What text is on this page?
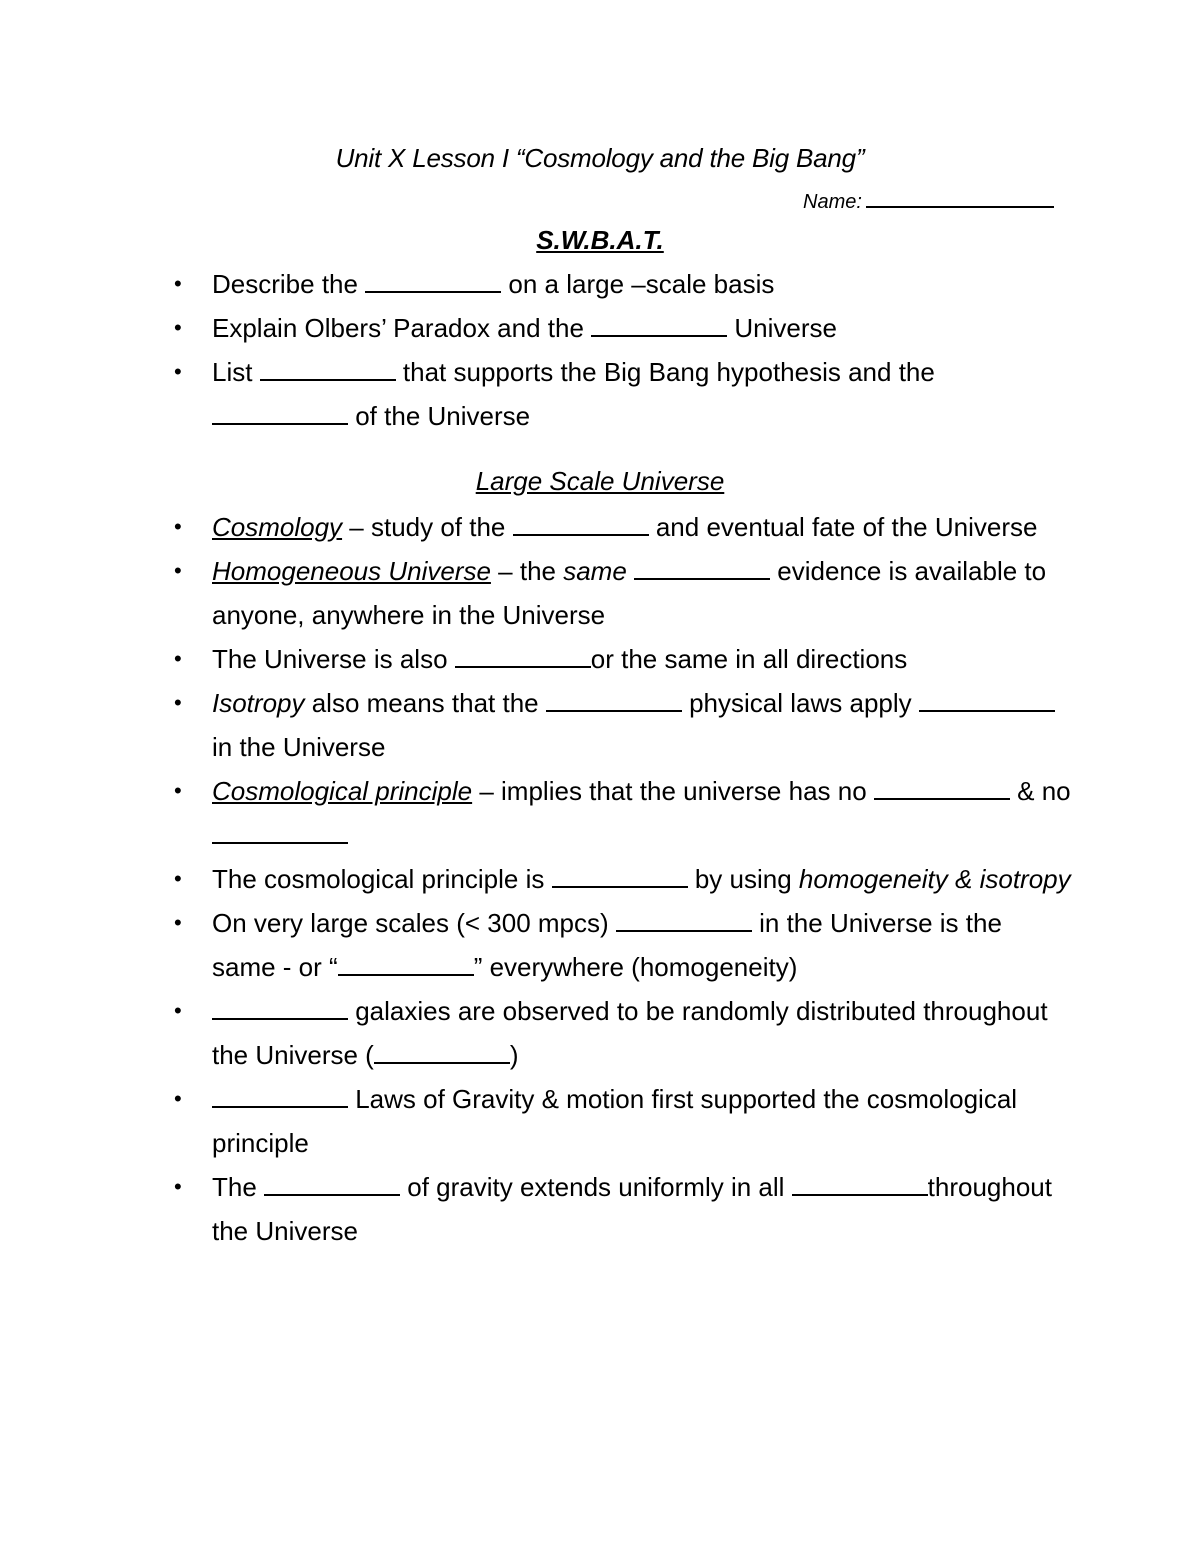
Unit X Lesson I “Cosmology and the Big Bang”
Name:
S.W.B.A.T.
• Describe the	on a large –scale basis
• Explain Olbers’ Paradox and the	Universe
• List	that supports the Big Bang hypothesis and the  of the Universe
Large Scale Universe
• Cosmology – study of the	and eventual fate of the Universe
• Homogeneous Universe – the same	evidence is available to anyone, anywhere in the Universe
• The Universe is also	or the same in all directions
• Isotropy also means that the	physical laws apply  in the Universe
• Cosmological principle – implies that the universe has no	& no
• The cosmological principle is	by using homogeneity & isotropy
• On very large scales (< 300 mpcs)	in the Universe is the same - or “	” everywhere (homogeneity)
•	galaxies are observed to be randomly distributed throughout the Universe (	)
•	Laws of Gravity & motion first supported the cosmological principle
• The	of gravity extends uniformly in all	throughout the Universe
